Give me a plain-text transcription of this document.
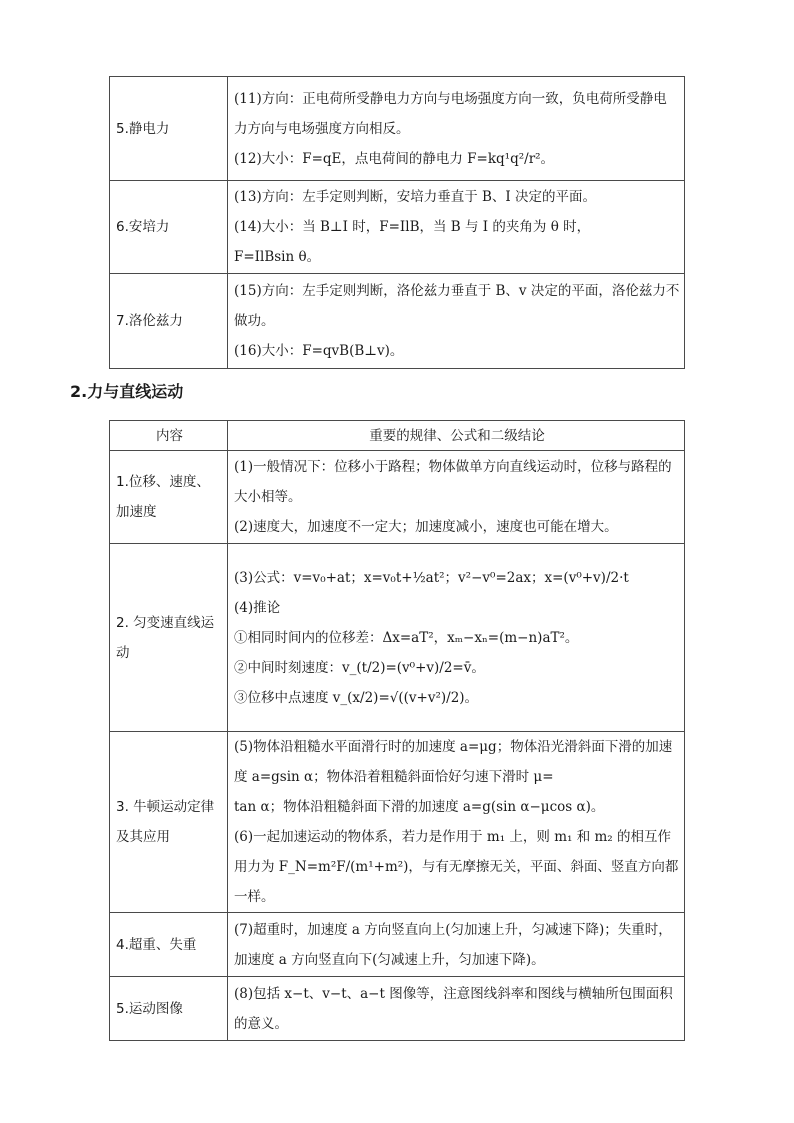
5.静电力	(11)方向：正电荷所受静电力方向与电场强度方向一致，负电荷所受静电力方向与电场强度方向相反。
(12)大小：F=qE，点电荷间的静电力 F=kq¹q²/r²。

6.安培力	(13)方向：左手定则判断，安培力垂直于 B、I 决定的平面。
(14)大小：当 B⊥I 时，F=IlB，当 B 与 I 的夹角为 θ 时，
F=IlBsin θ。

7.洛伦兹力	(15)方向：左手定则判断，洛伦兹力垂直于 B、v 决定的平面，洛伦兹力不做功。
(16)大小：F=qvB(B⊥v)。
2.力与直线运动
内容	重要的规律、公式和二级结论
1.位移、速度、加速度	(1)一般情况下：位移小于路程；物体做单方向直线运动时，位移与路程的大小相等。
(2)速度大，加速度不一定大；加速度减小，速度也可能在增大。

2. 匀变速直线运动	(3)公式：v=v₀+at；x=v₀t+½at²；v²−v⁰=2ax；x=(v⁰+v)/2·t
(4)推论
①相同时间内的位移差：Δx=aT²，xₘ−xₙ=(m−n)aT²。
②中间时刻速度：v_(t/2)=(v⁰+v)/2=v̄。
③位移中点速度 v_(x/2)=√((v+v²)/2)。

3. 牛顿运动定律及其应用	(5)物体沿粗糙水平面滑行时的加速度 a=μg；物体沿光滑斜面下滑的加速度 a=gsin α；物体沿着粗糙斜面恰好匀速下滑时 μ=
tan α；物体沿粗糙斜面下滑的加速度 a=g(sin α−μcos α)。
(6)一起加速运动的物体系，若力是作用于 m₁ 上，则 m₁ 和 m₂ 的相互作用力为 F_N=m²F/(m¹+m²)，与有无摩擦无关，平面、斜面、竖直方向都一样。

4.超重、失重	(7)超重时，加速度 a 方向竖直向上(匀加速上升，匀减速下降)；失重时，加速度 a 方向竖直向下(匀减速上升，匀加速下降)。

5.运动图像	(8)包括 x−t、v−t、a−t 图像等，注意图线斜率和图线与横轴所包围面积的意义。
